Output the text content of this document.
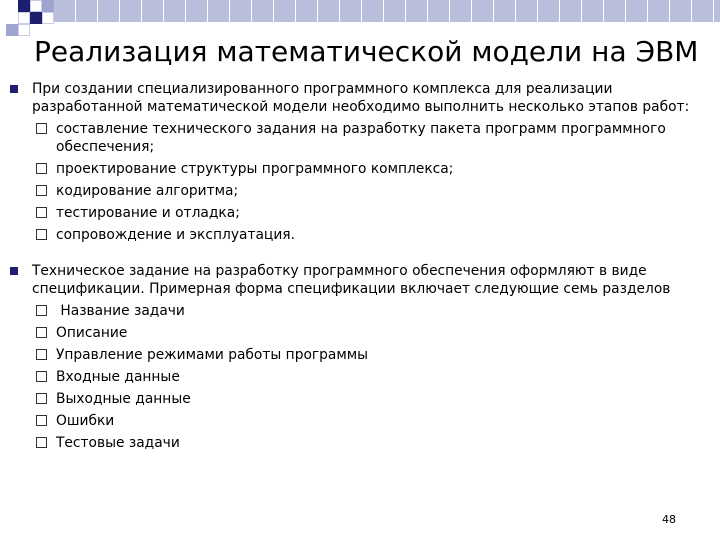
Реализация математической модели на ЭВМ
При создании специализированного программного комплекса для реализации разработанной математической модели необходимо выполнить несколько этапов работ:
составление технического задания на разработку пакета программ программного обеспечения;
проектирование структуры программного комплекса;
кодирование алгоритма;
тестирование и отладка;
сопровождение и эксплуатация.
Техническое задание на разработку программного обеспечения оформляют в виде спецификации. Примерная форма спецификации включает следующие семь разделов
Название задачи
Описание
Управление режимами работы программы
Входные данные
Выходные данные
Ошибки
Тестовые задачи
48
